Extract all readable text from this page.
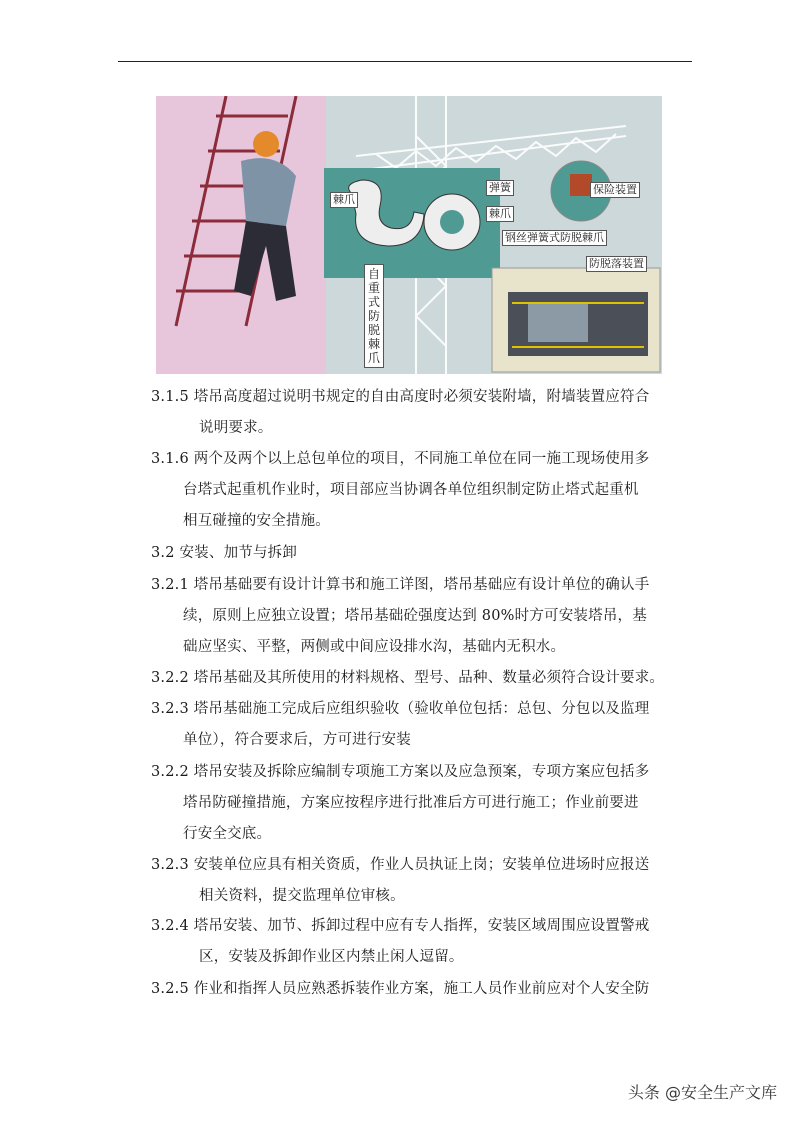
棘爪
弹簧
棘爪
钢丝弹簧式防脱棘爪
自重式防脱棘爪
保险装置
防脱落装置

3.1.5 塔吊高度超过说明书规定的自由高度时必须安装附墙，附墙装置应符合
说明要求。

3.1.6 两个及两个以上总包单位的项目，不同施工单位在同一施工现场使用多
台塔式起重机作业时，项目部应当协调各单位组织制定防止塔式起重机
相互碰撞的安全措施。

3.2 安装、加节与拆卸

3.2.1 塔吊基础要有设计计算书和施工详图，塔吊基础应有设计单位的确认手
续，原则上应独立设置；塔吊基础砼强度达到 80%时方可安装塔吊，基
础应坚实、平整，两侧或中间应设排水沟，基础内无积水。

3.2.2 塔吊基础及其所使用的材料规格、型号、品种、数量必须符合设计要求。

3.2.3 塔吊基础施工完成后应组织验收（验收单位包括：总包、分包以及监理
单位），符合要求后，方可进行安装

3.2.2 塔吊安装及拆除应编制专项施工方案以及应急预案，专项方案应包括多
塔吊防碰撞措施，方案应按程序进行批准后方可进行施工；作业前要进
行安全交底。

3.2.3 安装单位应具有相关资质，作业人员执证上岗；安装单位进场时应报送
相关资料，提交监理单位审核。

3.2.4 塔吊安装、加节、拆卸过程中应有专人指挥，安装区域周围应设置警戒
区，安装及拆卸作业区内禁止闲人逗留。

3.2.5 作业和指挥人员应熟悉拆装作业方案，施工人员作业前应对个人安全防

头条 @安全生产文库
